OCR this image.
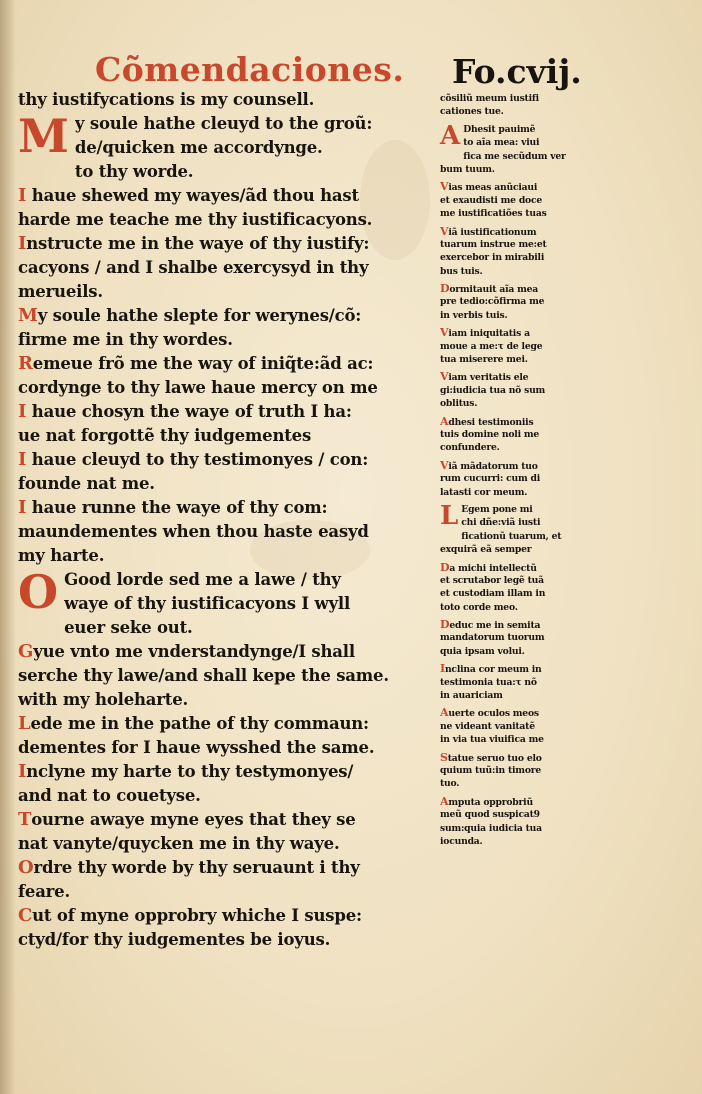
Cõmendaciones. Fo.cvij.
thy iustifycations is my counsell.
M y soule hathe cleuyd to the groũ:
de/quicken me accordynge.
to thy worde.
I haue shewed my wayes/ãd thou hast
harde me teache me thy iustificacyons.
Instructe me in the waye of thy iustify:
cacyons / and I shalbe exercysyd in thy
merueils.
My soule hathe slepte for werynes/cõ:
firme me in thy wordes.
Remeue frõ me the way of iniq̃te:ãd ac:
cordynge to thy lawe haue mercy on me
I haue chosyn the waye of truth I ha:
ue nat forgottẽ thy iudgementes
I haue cleuyd to thy testimonyes / con:
founde nat me.
I haue runne the waye of thy com:
maundementes when thou haste easyd
my harte.
O Good lorde sed me a lawe / thy
waye of thy iustificacyons I wyll
euer seke out.
Gyue vnto me vnderstandynge/I shall
serche thy lawe/and shall kepe the same.
with my holeharte.
Lede me in the pathe of thy commaun:
dementes for I haue wysshed the same.
Inclyne my harte to thy testymonyes/
and nat to couetyse.
Tourne awaye myne eyes that they se
nat vanyte/quycken me in thy waye.
Ordre thy worde by thy seruaunt i thy
feare.
Cut of myne opprobry whiche I suspe:
ctyd/for thy iudgementes be ioyus.
cõsiliũ meum iustifi
cationes tue.
A Dhesit pauimẽ
to aĩa mea: viui
fica me secũdum ver
bum tuum.
Vias meas anũciaui
et exaudisti me doce
me iustificatiões tuas
Viã iustificationum
tuarum instrue me:et
exercebor in mirabili
bus tuis.
Dormitauit aĩa mea
pre tedio:cõfirma me
in verbis tuis.
Viam iniquitatis a
moue a me:τ de lege
tua miserere mei.
Viam veritatis ele
gi:iudicia tua nõ sum
oblitus.
Adhesi testimoniis
tuis domine noli me
confundere.
Viã mãdatorum tuo
rum cucurri: cum di
latasti cor meum.
L Egem pone mi
chi dñe:viã iusti
ficationũ tuarum, et
exquirã eã semper
Da michi intellectũ
et scrutabor legẽ tuã
et custodiam illam in
toto corde meo.
Deduc me in semita
mandatorum tuorum
quia ipsam volui.
Inclina cor meum in
testimonia tua:τ nõ
in auariciam
Auerte oculos meos
ne videant vanitatẽ
in via tua viuifica me
Statue seruo tuo elo
quium tuũ:in timore
tuo.
Amputa opprobriũ
meũ quod suspicat9
sum:quia iudicia tua
iocunda.
